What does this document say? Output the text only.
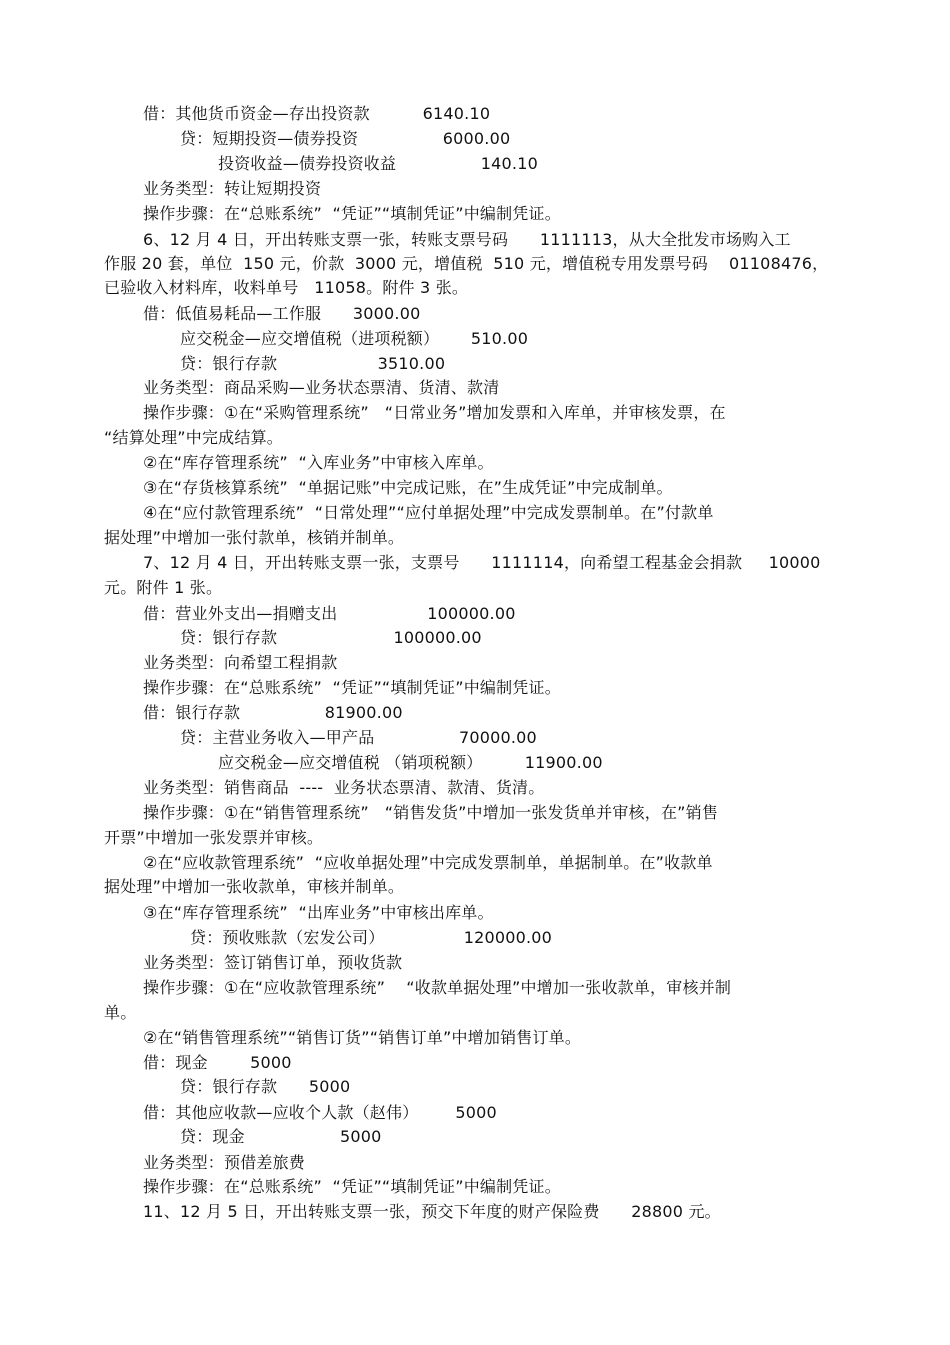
借：其他货币资金—存出投资款          6140.10
贷：短期投资—债券投资                6000.00
投资收益—债券投资收益                140.10
业务类型：转让短期投资
操作步骤：在“总账系统”  “凭证”“填制凭证”中编制凭证。
6、12 月 4 日，开出转账支票一张，转账支票号码      1111113，从大全批发市场购入工
作服 20 套，单位  150 元，价款  3000 元，增值税  510 元，增值税专用发票号码    01108476，
已验收入材料库，收料单号   11058。附件 3 张。
借：低值易耗品—工作服      3000.00
应交税金—应交增值税（进项税额）      510.00
贷：银行存款                   3510.00
业务类型：商品采购—业务状态票清、货清、款清
操作步骤：①在“采购管理系统”   “日常业务”增加发票和入库单，并审核发票，在
“结算处理”中完成结算。
②在“库存管理系统”  “入库业务”中审核入库单。
③在“存货核算系统”  “单据记账”中完成记账，在”生成凭证”中完成制单。
④在“应付款管理系统”  “日常处理”“应付单据处理”中完成发票制单。在”付款单
据处理”中增加一张付款单，核销并制单。
7、12 月 4 日，开出转账支票一张，支票号      1111114，向希望工程基金会捐款     10000
元。附件 1 张。
借：营业外支出—捐赠支出                 100000.00
贷：银行存款                      100000.00
业务类型：向希望工程捐款
操作步骤：在“总账系统”  “凭证”“填制凭证”中编制凭证。
借：银行存款                81900.00
贷：主营业务收入—甲产品                70000.00
应交税金—应交增值税 （销项税额）        11900.00
业务类型：销售商品  ----  业务状态票清、款清、货清。
操作步骤：①在“销售管理系统”   “销售发货”中增加一张发货单并审核，在”销售
开票”中增加一张发票并审核。
②在“应收款管理系统”  “应收单据处理”中完成发票制单，单据制单。在”收款单
据处理”中增加一张收款单，审核并制单。
③在“库存管理系统”  “出库业务”中审核出库单。
贷：预收账款（宏发公司）               120000.00
业务类型：签订销售订单，预收货款
操作步骤：①在“应收款管理系统”    “收款单据处理”中增加一张收款单，审核并制
单。
②在“销售管理系统”“销售订货”“销售订单”中增加销售订单。
借：现金        5000
贷：银行存款      5000
借：其他应收款—应收个人款（赵伟）       5000
贷：现金                  5000
业务类型：预借差旅费
操作步骤：在“总账系统”  “凭证”“填制凭证”中编制凭证。
11、12 月 5 日，开出转账支票一张，预交下年度的财产保险费      28800 元。
